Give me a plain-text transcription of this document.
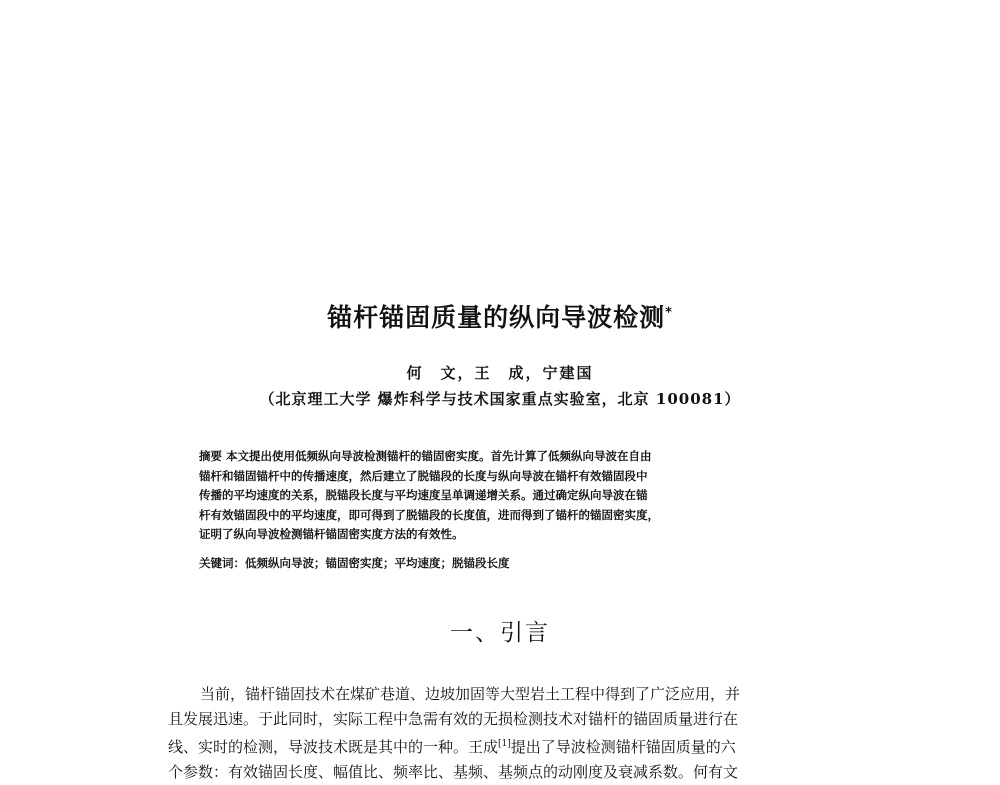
锚杆锚固质量的纵向导波检测*
何　文，王　成，宁建国
（北京理工大学 爆炸科学与技术国家重点实验室，北京 100081）
摘要 本文提出使用低频纵向导波检测锚杆的锚固密实度。首先计算了低频纵向导波在自由
锚杆和锚固锚杆中的传播速度，然后建立了脱锚段的长度与纵向导波在锚杆有效锚固段中
传播的平均速度的关系，脱锚段长度与平均速度呈单调递增关系。通过确定纵向导波在锚
杆有效锚固段中的平均速度，即可得到了脱锚段的长度值，进而得到了锚杆的锚固密实度，
证明了纵向导波检测锚杆锚固密实度方法的有效性。
关键词：低频纵向导波；锚固密实度；平均速度；脱锚段长度
一、引言
当前，锚杆锚固技术在煤矿巷道、边坡加固等大型岩土工程中得到了广泛应用，并
且发展迅速。于此同时，实际工程中急需有效的无损检测技术对锚杆的锚固质量进行在
线、实时的检测，导波技术既是其中的一种。王成[1]提出了导波检测锚杆锚固质量的六
个参数：有效锚固长度、幅值比、频率比、基频、基频点的动刚度及衰减系数。何有文
